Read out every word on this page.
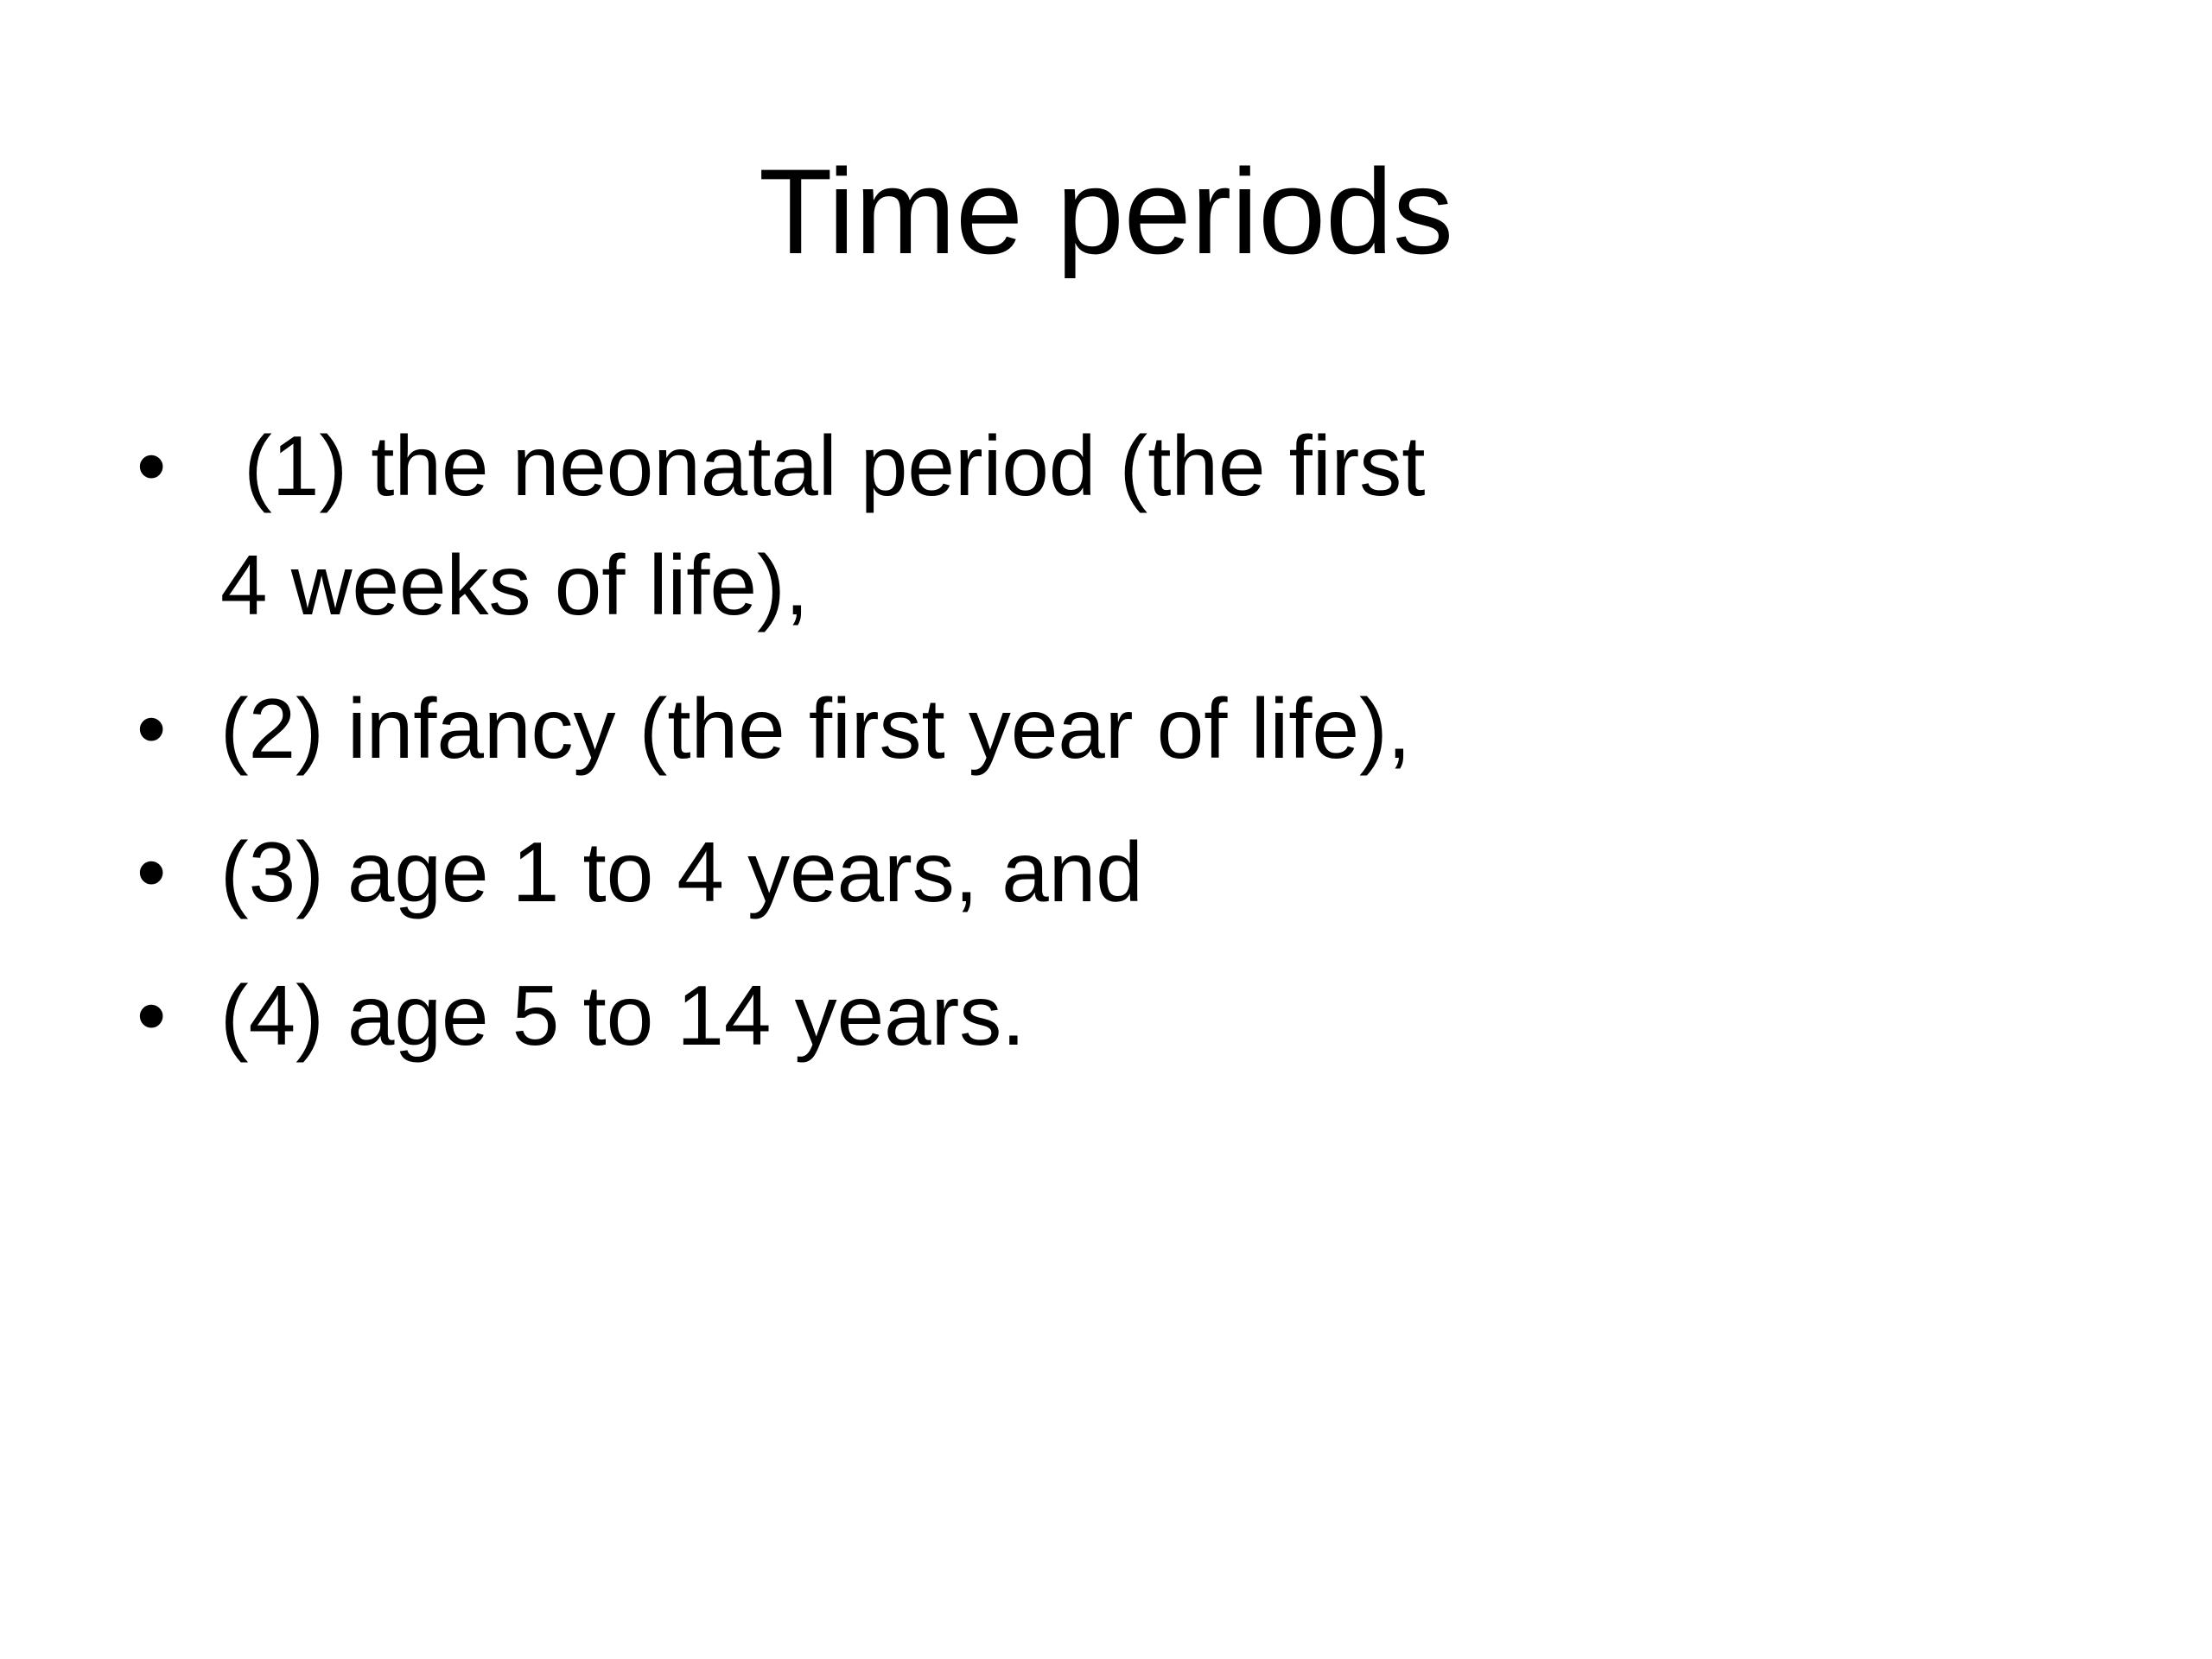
Time periods
• (1) the neonatal period (the first
4 weeks of life),
• (2) infancy (the first year of life),
• (3) age 1 to 4 years, and
• (4) age 5 to 14 years.
